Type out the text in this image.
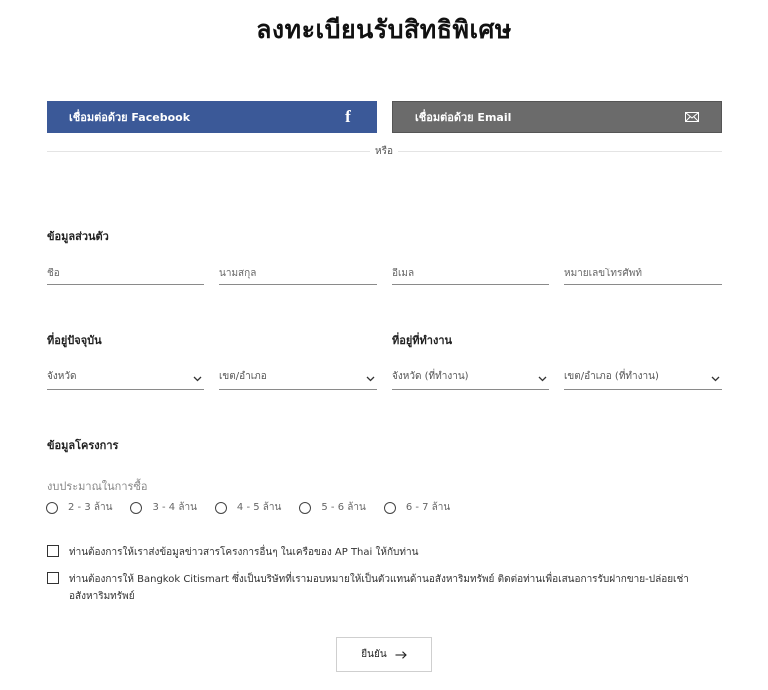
ลงทะเบียนรับสิทธิพิเศษ
เชื่อมต่อด้วย Facebook	f	เชื่อมต่อด้วย Email
หรือ
ข้อมูลส่วนตัว
ชื่อ
นามสกุล
อีเมล
หมายเลขโทรศัพท์
ที่อยู่ปัจจุบัน	ที่อยู่ที่ทำงาน
จังหวัด	เขต/อำเภอ	จังหวัด (ที่ทำงาน)	เขต/อำเภอ (ที่ทำงาน)
ข้อมูลโครงการ
งบประมาณในการซื้อ
2 - 3 ล้าน	3 - 4 ล้าน	4 - 5 ล้าน	5 - 6 ล้าน	6 - 7 ล้าน
ท่านต้องการให้เราส่งข้อมูลข่าวสารโครงการอื่นๆ ในเครือของ AP Thai ให้กับท่าน
ท่านต้องการให้ Bangkok Citismart ซึ่งเป็นบริษัทที่เรามอบหมายให้เป็นตัวแทนด้านอสังหาริมทรัพย์ ติดต่อท่านเพื่อเสนอการรับฝากขาย-ปล่อยเช่าอสังหาริมทรัพย์
ยืนยัน
